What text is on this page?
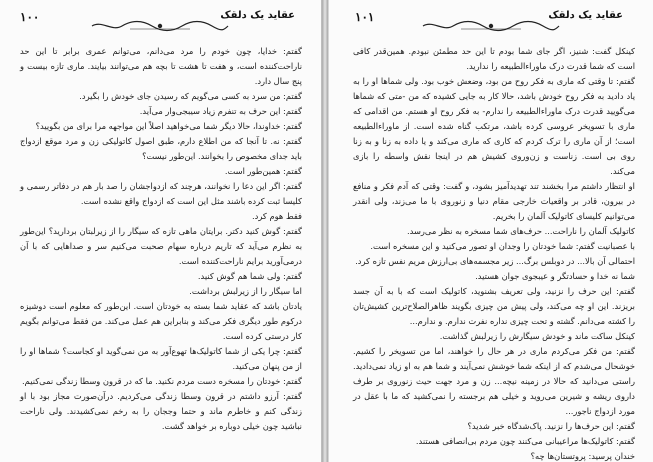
۱۰۰	عقاید یک دلقک

گفتم: خدایا، چون خودم را مرد می‌دانم، می‌توانم عمری برابر تا این حد ناراحت‌کننده است، و هفت تا هشت تا بچه هم می‌توانند بیایند. ماری تازه بیست و پنج سال دارد.

گفتم: من سرد به کسی می‌گویم که رسیدن جای خودش را بگیرد.

گفتم: این حرف به تنفرم زیاد سیبجی‌وار می‌آید.

گفتم: خداوندا، حالا دیگر شما می‌خواهید اصلاً این مواجهه مرا برای من بگویید؟

گفتم: نه. تا آنجا که من اطلاع دارم، طبق اصول کاتولیکی زن و مرد موقع ازدواج باید جدای مخصوص را بخوانند. این‌طور نیست؟

گفتم: همین‌طور است.

گفتم: اگر این دعا را نخوانند، هرچند که ازدواجشان را صد بار هم در دفاتر رسمی و کلیسا ثبت کرده باشند مثل این است که ازدواج واقع نشده است.

فقط هوم کرد.

گفتم: گوش کنید دکتر. برایتان ماهی تازه که سیگار را از زیرلبتان بردارید؟ این‌طور به نظرم می‌آید که تاریم درباره سهام صحبت می‌کنیم سر و صداهایی که با آن درمی‌آورید برایم ناراحت‌کننده است.

گفتم: ولی شما هم گوش کنید.

اما سیگار را از زیرلبش برداشت.

یادتان باشد که عقاید شما بسته به خودتان است. این‌طور که معلوم است دوشیزه درکوم طور دیگری فکر می‌کند و بنابراین هم عمل می‌کند. من فقط می‌توانم بگویم کار درستی کرده است.

گفتم: چرا یکی از شما کاتولیک‌ها تهوع‌آور به من نمی‌گوید او کجاست؟ شما‌ها او را از من پنهان می‌کنید.

گفتم: خودتان را مسخره دست مردم نکنید. ما که در قرون وسطا زندگی نمی‌کنیم.

گفتم: آرزو داشتم در قرون وسطا زندگی می‌کردیم. درآن‌صورت مجاز بود با او زندگی کنم و خاطرم ماند و حتما وججان را به رخم نمی‌کشیدند. ولی ناراحت نباشید چون خیلی دوباره بر خواهد گشت.

۱۰۱	عقاید یک دلقک

کینکل گفت: شنیز، اگر جای شما بودم تا این حد مطمئن نبودم. همین‌قدر کافی است که شما قدرت درک ماوراءالطبیعه را ندارید.

گفتم: تا وقتی که ماری به فکر روح من بود، وضعش خوب بود. ولی شماها او را به یاد دادید به فکر روح خودش باشد، حالا کار به جایی کشیده که من -متی که شماها می‌گویید قدرت درک ماوراءالطبیعه را ندارم- به فکر روح او هستم. من اقدامی که ماری با تسویخر عروسی کرده باشد، مرتکب گناه شده است. از ماوراءالطبیعه است؛ از آن ماری را ترک کردم که کاری که ماری می‌کند و یا داده به زنا و به زنا روی بی است. زناست و زن‌وروی کشیش هم در اینجا نقش واسطه را بازی می‌کند.

او انتظار داشتم مرا بخشند تند تهدیدآمیز بشود، و گفت: وقتی که آدم فکر و منافع در بیرون، قادر بر واقعیات خارجی مقام دنیا و زنوروی با ما می‌زند، ولی انقدر می‌توانیم کلیسای کاتولیک آلمان را بخریم.

کاتولیک آلمان را ناراحت... حرف‌های شما مسخره به نظر می‌رسد.

با عصبانیت گفتم: شما خودتان را وجدان او تصور می‌کنید و این مسخره است.

احتمالی آن بالا... در دوبلس برگ... زیر مجسمه‌های بی‌ارزش مریم نفس تازه کرد.

شما نه خدا و حسادتگر و عیبجوی جوان هستید.

گفتم: این حرف را نزنید، ولی تعریف بشنوید، کاتولیک است که با به آن جسد بریزند. این او چه می‌کند، ولی پیش من چیزی بگویند ظاهر‌الصلاح‌ترین کشیش‌تان را کشته می‌دانم. گشته و تحت چیزی نداره نفرت ندارم. و ندارم...

کینکل ساکت ماند و خودش سیگارش را زیرلبش گذاشت.

گفتم: من فکر می‌کردم ماری در هر حال را خواهند، اما من تسویخر را کشیم. خوشحال می‌شدم که از اینکه شما خوشش نمی‌آیند و شما هم به او زیاد نمی‌دادید. راستی می‌دانید که حالا در زمینه نیچه... زن و مرد جهت حیث زنوروی بر طرف داروی ریشه و شیرین می‌روید و خیلی هم برجسته را نمی‌کشید که ما با عقل در مورد ازدواج ناجور...

گفتم: این حرف‌ها را نزنید. پاک‌شدگاه خبر شدید؟

گفتم: کاتولیک‌ها مراعیبانی می‌کنند چون مردم بی‌انصافی هستند.

خندان پرسید: پروتستان‌ها چه؟
